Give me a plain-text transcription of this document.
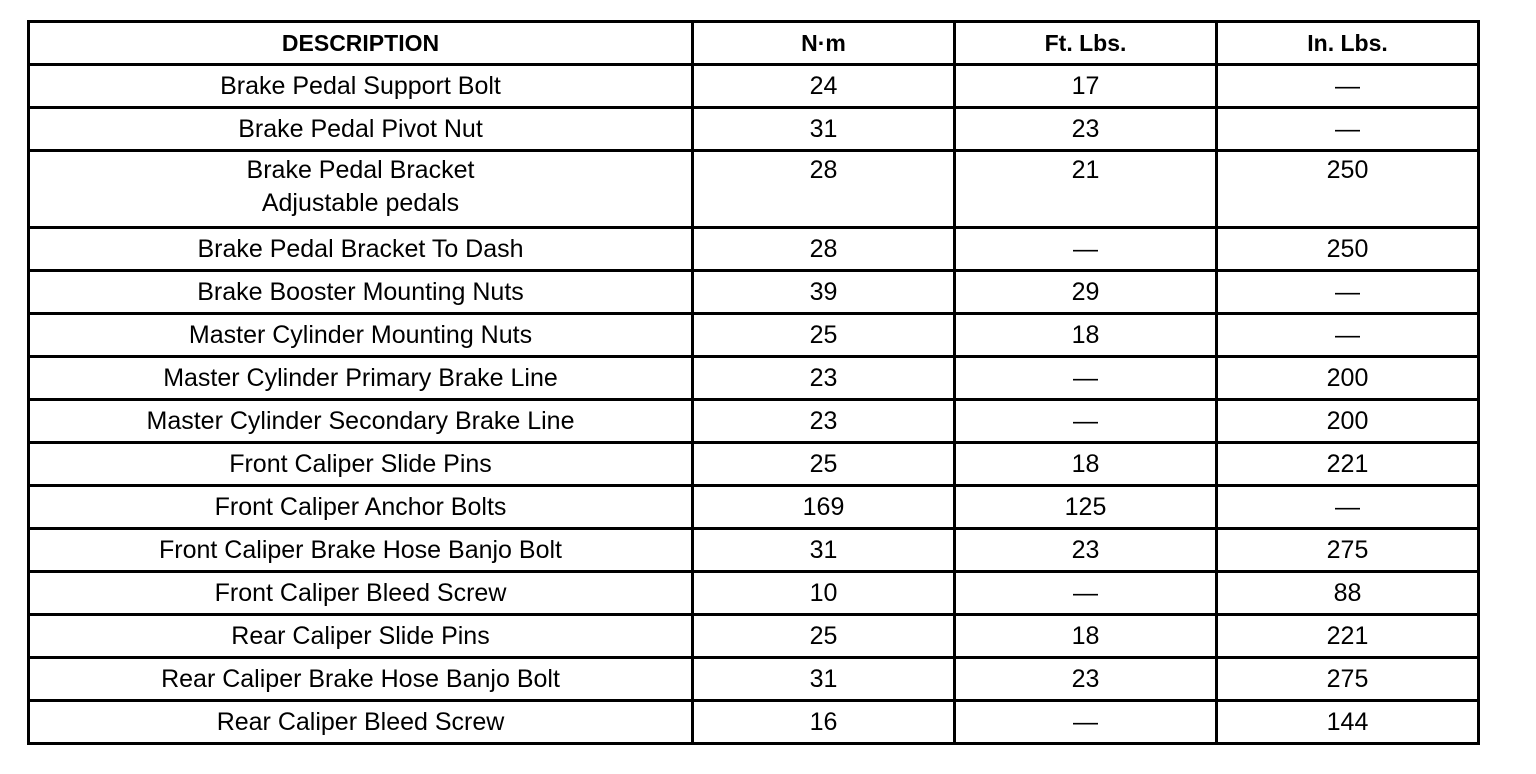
DESCRIPTION	N·m	Ft. Lbs.	In. Lbs.

Brake Pedal Support Bolt	24	17	—

Brake Pedal Pivot Nut	31	23	—

Brake Pedal Bracket
Adjustable pedals	28	21	250

Brake Pedal Bracket To Dash	28	—	250

Brake Booster Mounting Nuts	39	29	—

Master Cylinder Mounting Nuts	25	18	—

Master Cylinder Primary Brake Line	23	—	200

Master Cylinder Secondary Brake Line	23	—	200

Front Caliper Slide Pins	25	18	221

Front Caliper Anchor Bolts	169	125	—

Front Caliper Brake Hose Banjo Bolt	31	23	275

Front Caliper Bleed Screw	10	—	88

Rear Caliper Slide Pins	25	18	221

Rear Caliper Brake Hose Banjo Bolt	31	23	275

Rear Caliper Bleed Screw	16	—	144
